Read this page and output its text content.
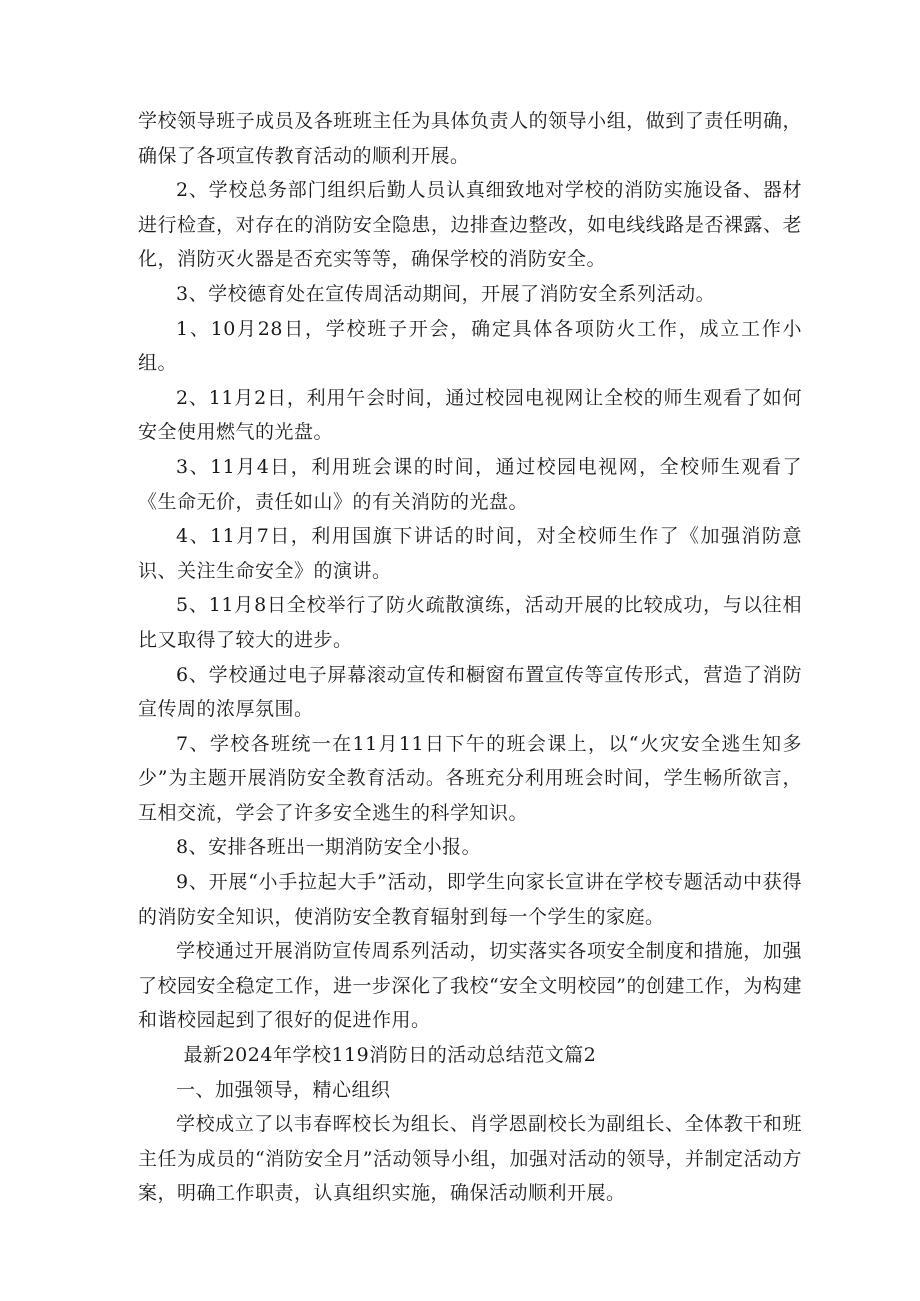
学校领导班子成员及各班班主任为具体负责人的领导小组，做到了责任明确，确保了各项宣传教育活动的顺利开展。

2、学校总务部门组织后勤人员认真细致地对学校的消防实施设备、器材进行检查，对存在的消防安全隐患，边排查边整改，如电线线路是否裸露、老化，消防灭火器是否充实等等，确保学校的消防安全。

3、学校德育处在宣传周活动期间，开展了消防安全系列活动。

1、10月28日，学校班子开会，确定具体各项防火工作，成立工作小组。

2、11月2日，利用午会时间，通过校园电视网让全校的师生观看了如何安全使用燃气的光盘。

3、11月4日，利用班会课的时间，通过校园电视网，全校师生观看了《生命无价，责任如山》的有关消防的光盘。

4、11月7日，利用国旗下讲话的时间，对全校师生作了《加强消防意识、关注生命安全》的演讲。

5、11月8日全校举行了防火疏散演练，活动开展的比较成功，与以往相比又取得了较大的进步。

6、学校通过电子屏幕滚动宣传和橱窗布置宣传等宣传形式，营造了消防宣传周的浓厚氛围。

7、学校各班统一在11月11日下午的班会课上，以“火灾安全逃生知多少”为主题开展消防安全教育活动。各班充分利用班会时间，学生畅所欲言，互相交流，学会了许多安全逃生的科学知识。

8、安排各班出一期消防安全小报。

9、开展“小手拉起大手”活动，即学生向家长宣讲在学校专题活动中获得的消防安全知识，使消防安全教育辐射到每一个学生的家庭。

学校通过开展消防宣传周系列活动，切实落实各项安全制度和措施，加强了校园安全稳定工作，进一步深化了我校“安全文明校园”的创建工作，为构建和谐校园起到了很好的促进作用。

最新2024年学校119消防日的活动总结范文篇2

一、加强领导，精心组织

学校成立了以韦春晖校长为组长、肖学恩副校长为副组长、全体教干和班主任为成员的“消防安全月”活动领导小组，加强对活动的领导，并制定活动方案，明确工作职责，认真组织实施，确保活动顺利开展。
